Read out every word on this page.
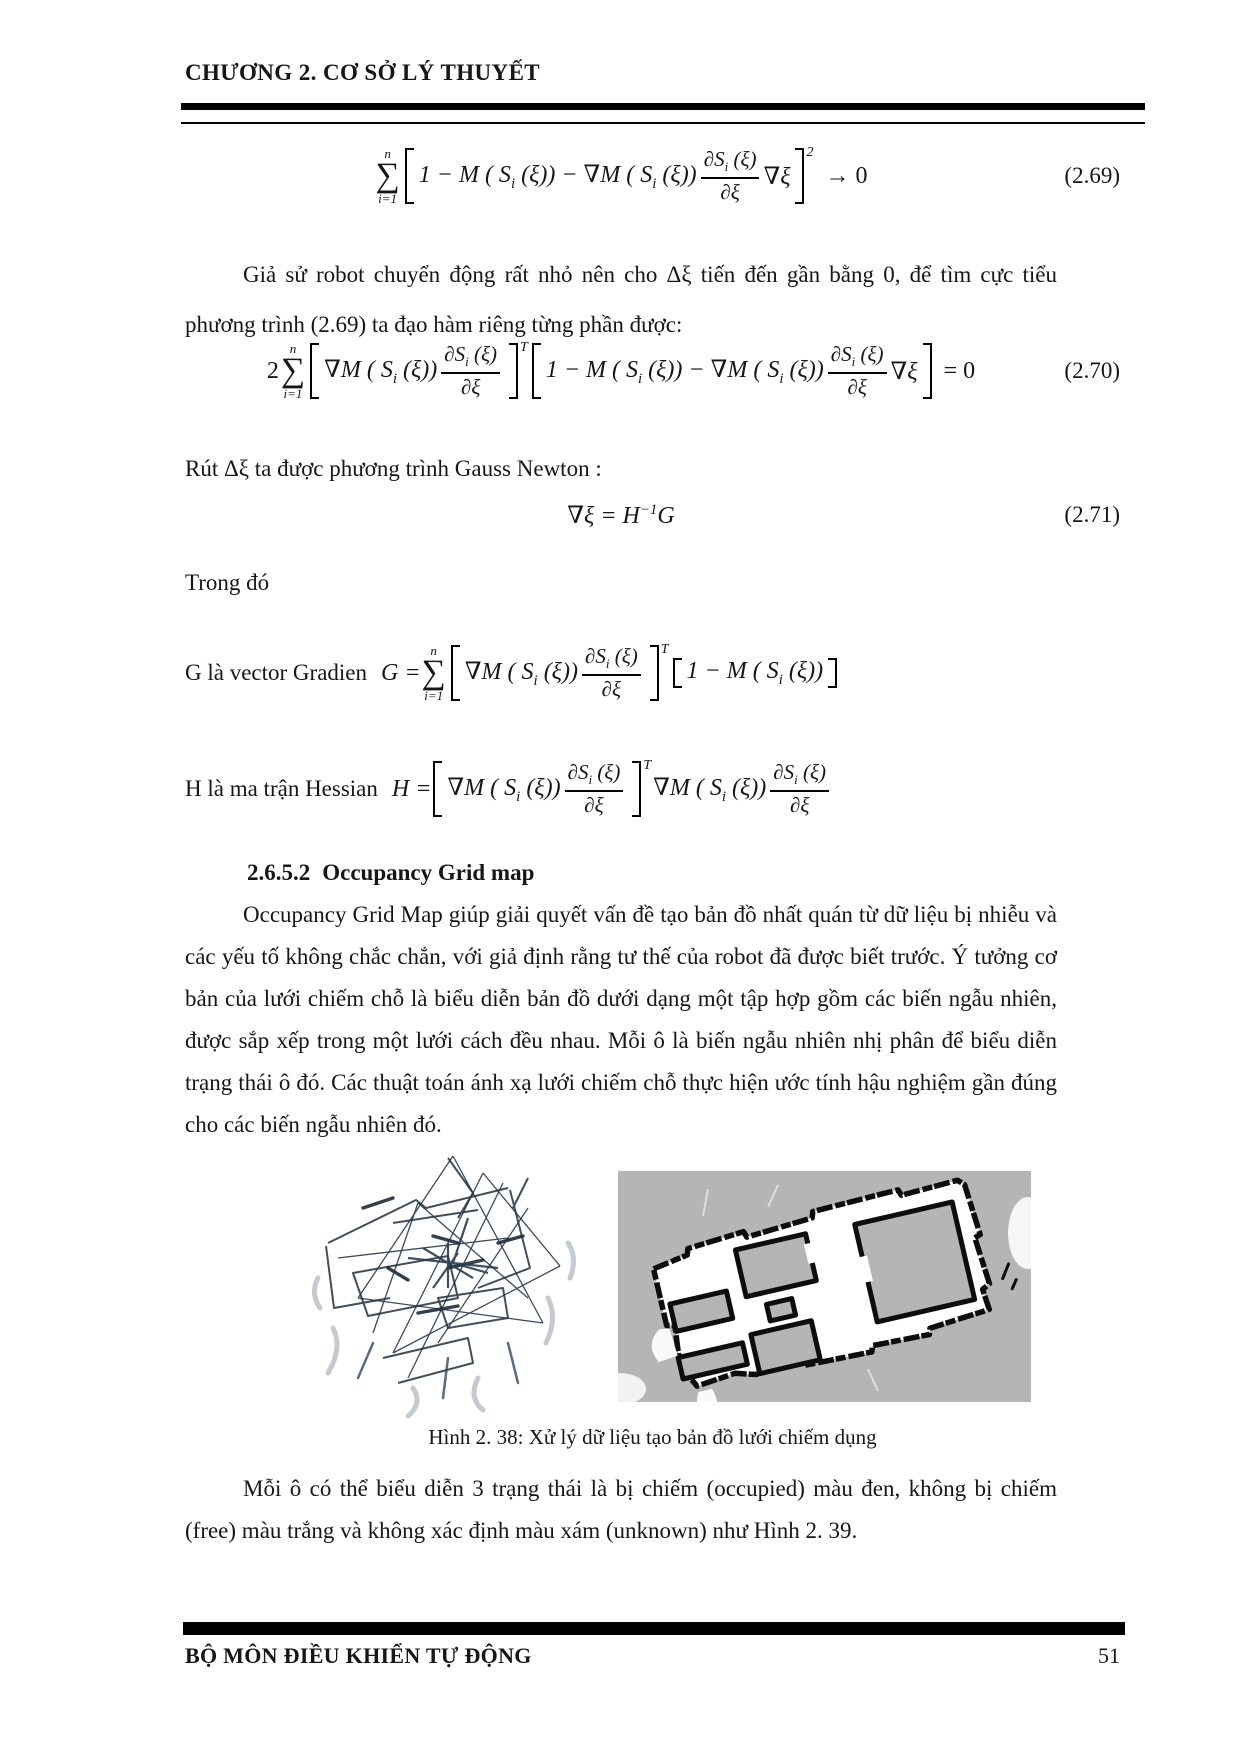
CHƯƠNG 2. CƠ SỞ LÝ THUYẾT
n
∑
i=1
1 − M ( $S_i$ (ξ)) − ∇M ( $S_i$ $(\xi)) \frac{\partial S_i (\xi)}{\partial\xi} \nabla\xi$
2
→ 0	(2.69)
Giả sử robot chuyển động rất nhỏ nên cho Δξ tiến đến gần bằng 0, để tìm cực tiểu phương trình (2.69) ta đạo hàm riêng từng phần được:
2
n
∑
i=1
∇M ( $S_i$ $(\xi)) \frac{\partial S_i (\xi)}{\partial\xi}$ T
1 − M ( $S_i$ (ξ)) − ∇M ( $S_i$ $(\xi)) \frac{\partial S_i (\xi)}{\partial\xi} \nabla\xi = 0$	(2.70)
Rút Δξ ta được phương trình Gauss Newton :
$\nabla\xi = H^{-1}G$	(2.71)
Trong đó
G là vector Gradien G =
n
∑
i=1
∇M ( $S_i$ $(\xi)) \frac{\partial S_i (\xi)}{\partial\xi}$ T
1 − M ( $S_i$ (ξ))
H là ma trận Hessian H = ∇M ( $S_i$ $(\xi)) \frac{\partial S_i (\xi)}{\partial\xi}$ T
∇M ( $S_i$ $(\xi)) \frac{\partial S_i (\xi)}{\partial\xi}$
2.6.5.2 Occupancy Grid map
Occupancy Grid Map giúp giải quyết vấn đề tạo bản đồ nhất quán từ dữ liệu bị nhiễu và các yếu tố không chắc chắn, với giả định rằng tư thế của robot đã được biết trước. Ý tưởng cơ bản của lưới chiếm chỗ là biểu diễn bản đồ dưới dạng một tập hợp gồm các biến ngẫu nhiên, được sắp xếp trong một lưới cách đều nhau. Mỗi ô là biến ngẫu nhiên nhị phân để biểu diễn trạng thái ô đó. Các thuật toán ánh xạ lưới chiếm chỗ thực hiện ước tính hậu nghiệm gần đúng cho các biến ngẫu nhiên đó.
Hình 2. 38: Xử lý dữ liệu tạo bản đồ lưới chiếm dụng
Mỗi ô có thể biểu diễn 3 trạng thái là bị chiếm (occupied) màu đen, không bị chiếm (free) màu trắng và không xác định màu xám (unknown) như Hình 2. 39.
BỘ MÔN ĐIỀU KHIỂN TỰ ĐỘNG	51
